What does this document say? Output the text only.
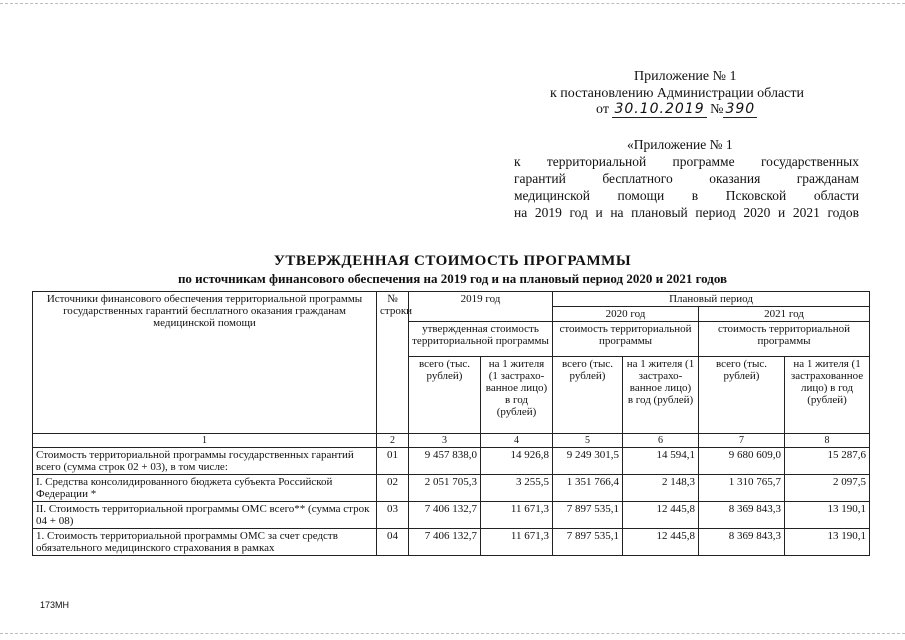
Приложение № 1
к постановлению Администрации области
от 30.10.2019 № 390
«Приложение № 1
к территориальной программе государственных
гарантий бесплатного оказания гражданам
медицинской помощи в Псковской области
на 2019 год и на плановый период 2020 и 2021 годов
УТВЕРЖДЕННАЯ СТОИМОСТЬ ПРОГРАММЫ
по источникам финансового обеспечения на 2019 год и на плановый период 2020 и 2021 годов
Источники финансового обеспечения территориальной программы государственных гарантий бесплатного оказания гражданам медицинской помощи	№ строки	2019 год		Плановый период			
				2020 год		2021 год	
		утвержденная стоимость территориальной программы		стоимость территориальной программы		стоимость территориальной программы	
		всего (тыс. рублей)	на 1 жителя (1 застрахо-ванное лицо) в год (рублей)	всего (тыс. рублей)	на 1 жителя (1 застрахо-ванное лицо) в год (рублей)	всего (тыс. рублей)	на 1 жителя (1 застрахованное лицо) в год (рублей)
1	2	3	4	5	6	7	8
Стоимость территориальной программы государственных гарантий всего (сумма строк 02 + 03), в том числе:	01	9 457 838,0	14 926,8	9 249 301,5	14 594,1	9 680 609,0	15 287,6
I. Средства консолидированного бюджета субъекта Российской Федерации *	02	2 051 705,3	3 255,5	1 351 766,4	2 148,3	1 310 765,7	2 097,5
II. Стоимость территориальной программы ОМС всего** (сумма строк 04 + 08)	03	7 406 132,7	11 671,3	7 897 535,1	12 445,8	8 369 843,3	13 190,1
1. Стоимость территориальной программы ОМС за счет средств обязательного медицинского страхования в рамках	04	7 406 132,7	11 671,3	7 897 535,1	12 445,8	8 369 843,3	13 190,1
173МН
